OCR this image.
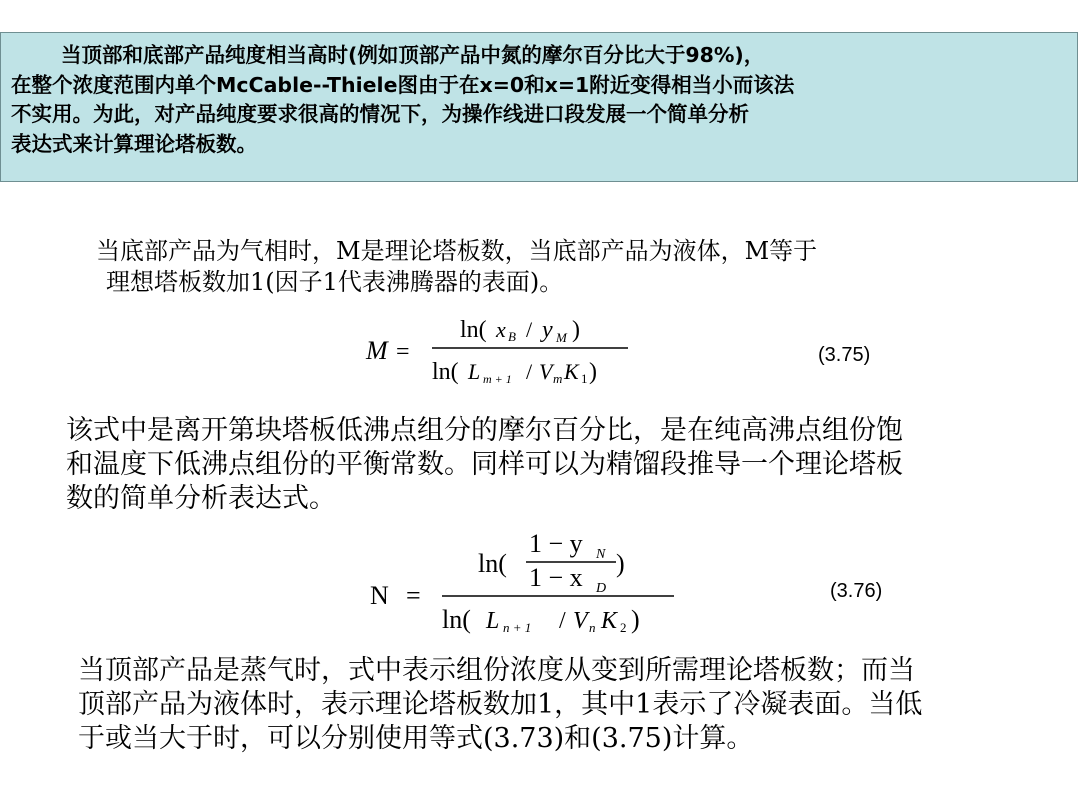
当顶部和底部产品纯度相当高时(例如顶部产品中氮的摩尔百分比大于98%)，
在整个浓度范围内单个McCable--Thiele图由于在x=0和x=1附近变得相当小而该法
不实用。为此，对产品纯度要求很高的情况下，为操作线进口段发展一个简单分析
表达式来计算理论塔板数。
当底部产品为气相时，M是理论塔板数，当底部产品为液体，M等于
理想塔板数加1(因子1代表沸腾器的表面)。
M =
ln( x B / y M )
ln( L m + 1 / V m K 1 )
(3.75)
该式中是离开第块塔板低沸点组分的摩尔百分比，是在纯高沸点组份饱
和温度下低沸点组份的平衡常数。同样可以为精馏段推导一个理论塔板
数的简单分析表达式。
N =
ln(
1 − y N
1 − x D
)
ln( L n + 1 / V n K 2 )
(3.76)
当顶部产品是蒸气时，式中表示组份浓度从变到所需理论塔板数；而当
顶部产品为液体时，表示理论塔板数加1，其中1表示了冷凝表面。当低
于或当大于时，可以分别使用等式(3.73)和(3.75)计算。
